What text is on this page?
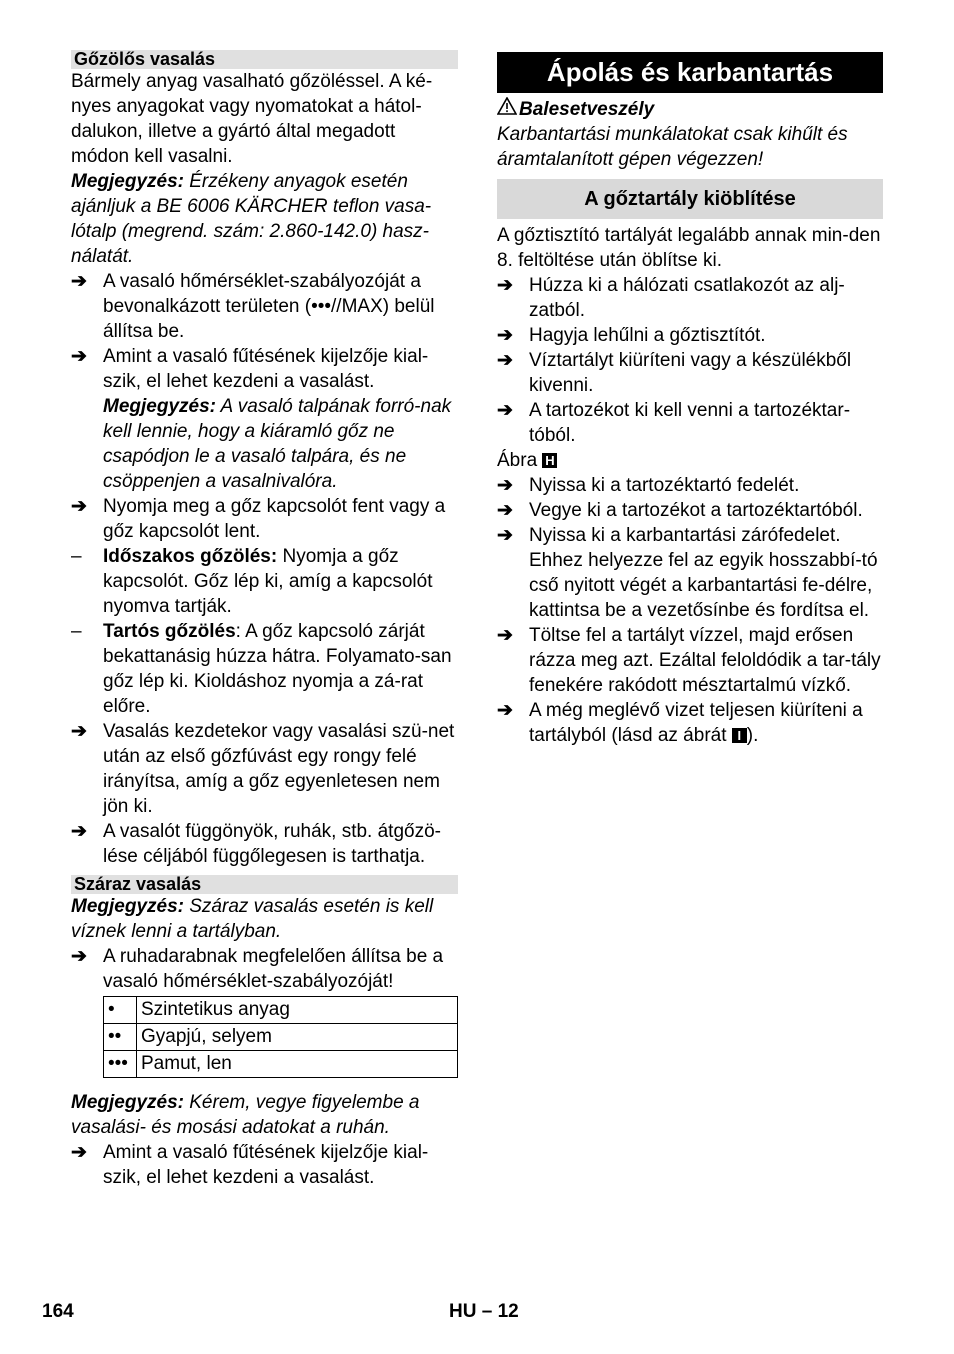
Gőzölős vasalás

Bármely anyag vasalható gőzöléssel. A ké-nyes anyagokat vagy nyomatokat a hátol-dalukon, illetve a gyártó által megadott módon kell vasalni.

Megjegyzés: Érzékeny anyagok esetén ajánljuk a BE 6006 KÄRCHER teflon vasa-lótalp (megrend. szám: 2.860-142.0) hasz-nálatát.

➔ A vasaló hőmérséklet-szabályozóját a bevonalkázott területen (•••//MAX) belül állítsa be.
➔ Amint a vasaló fűtésének kijelzője kial-szik, el lehet kezdeni a vasalást.

Megjegyzés: A vasaló talpának forró-nak kell lennie, hogy a kiáramló gőz ne csapódjon le a vasaló talpára, és ne csöppenjen a vasalnivalóra.

➔ Nyomja meg a gőz kapcsolót fent vagy a gőz kapcsolót lent.
– Időszakos gőzölés: Nyomja a gőz kapcsolót. Gőz lép ki, amíg a kapcsolót nyomva tartják.
– Tartós gőzölés: A gőz kapcsoló zárját bekattanásig húzza hátra. Folyamato-san gőz lép ki. Kioldáshoz nyomja a zá-rat előre.
➔ Vasalás kezdetekor vagy vasalási szü-net után az első gőzfúvást egy rongy felé irányítsa, amíg a gőz egyenletesen nem jön ki.
➔ A vasalót függönyök, ruhák, stb. átgőzö-lése céljából függőlegesen is tarthatja.

Száraz vasalás

Megjegyzés: Száraz vasalás esetén is kell víznek lenni a tartályban.

➔ A ruhadarabnak megfelelően állítsa be a vasaló hőmérséklet-szabályozóját!
•	Szintetikus anyag
••	Gyapjú, selyem
•••	Pamut, len

Megjegyzés: Kérem, vegye figyelembe a vasalási- és mosási adatokat a ruhán.

➔ Amint a vasaló fűtésének kijelzője kial-szik, el lehet kezdeni a vasalást.
Ápolás és karbantartás

Balesetveszély

Karbantartási munkálatokat csak kihűlt és áramtalanított gépen végezzen!

A gőztartály kiöblítése

A gőztisztító tartályát legalább annak min-den 8. feltöltése után öblítse ki.

➔ Húzza ki a hálózati csatlakozót az alj-zatból.
➔ Hagyja lehűlni a gőztisztítót.
➔ Víztartályt kiüríteni vagy a készülékből kivenni.
➔ A tartozékot ki kell venni a tartozéktar-tóból.

Ábra H

➔ Nyissa ki a tartozéktartó fedelét.
➔ Vegye ki a tartozékot a tartozéktartóból.
➔ Nyissa ki a karbantartási zárófedelet. Ehhez helyezze fel az egyik hosszabbí-tó cső nyitott végét a karbantartási fe-délre, kattintsa be a vezetősínbe és fordítsa el.
➔ Töltse fel a tartályt vízzel, majd erősen rázza meg azt. Ezáltal feloldódik a tar-tály fenekére rakódott mésztartalmú vízkő.
➔ A még meglévő vizet teljesen kiüríteni a tartályból (lásd az ábrát I ).
164	HU – 12
